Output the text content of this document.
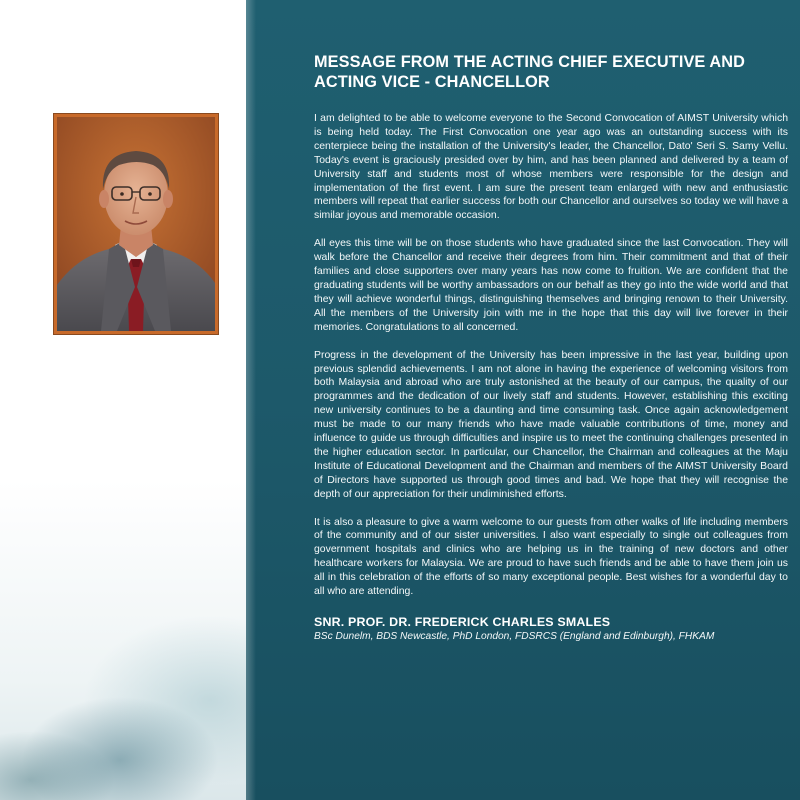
MESSAGE FROM THE ACTING CHIEF EXECUTIVE AND
ACTING VICE - CHANCELLOR

I am delighted to be able to welcome everyone to the Second Convocation of AIMST University which is being held today. The First Convocation one year ago was an outstanding success with its centerpiece being the installation of the University's leader, the Chancellor, Dato' Seri S. Samy Vellu. Today's event is graciously presided over by him, and has been planned and delivered by a team of University staff and students most of whose members were responsible for the design and implementation of the first event. I am sure the present team enlarged with new and enthusiastic members will repeat that earlier success for both our Chancellor and ourselves so today we will have a similar joyous and memorable occasion.

All eyes this time will be on those students who have graduated since the last Convocation. They will walk before the Chancellor and receive their degrees from him. Their commitment and that of their families and close supporters over many years has now come to fruition. We are confident that the graduating students will be worthy ambassadors on our behalf as they go into the wide world and that they will achieve wonderful things, distinguishing themselves and bringing renown to their University. All the members of the University join with me in the hope that this day will live forever in their memories. Congratulations to all concerned.

Progress in the development of the University has been impressive in the last year, building upon previous splendid achievements. I am not alone in having the experience of welcoming visitors from both Malaysia and abroad who are truly astonished at the beauty of our campus, the quality of our programmes and the dedication of our lively staff and students. However, establishing this exciting new university continues to be a daunting and time consuming task. Once again acknowledgement must be made to our many friends who have made valuable contributions of time, money and influence to guide us through difficulties and inspire us to meet the continuing challenges presented in the higher education sector. In particular, our Chancellor, the Chairman and colleagues at the Maju Institute of Educational Development and the Chairman and members of the AIMST University Board of Directors have supported us through good times and bad. We hope that they will recognise the depth of our appreciation for their undiminished efforts.

It is also a pleasure to give a warm welcome to our guests from other walks of life including members of the community and of our sister universities. I also want especially to single out colleagues from government hospitals and clinics who are helping us in the training of new doctors and other healthcare workers for Malaysia. We are proud to have such friends and be able to have them join us all in this celebration of the efforts of so many exceptional people. Best wishes for a wonderful day to all who are attending.

SNR. PROF. DR. FREDERICK CHARLES SMALES
BSc Dunelm, BDS Newcastle, PhD London, FDSRCS (England and Edinburgh), FHKAM
